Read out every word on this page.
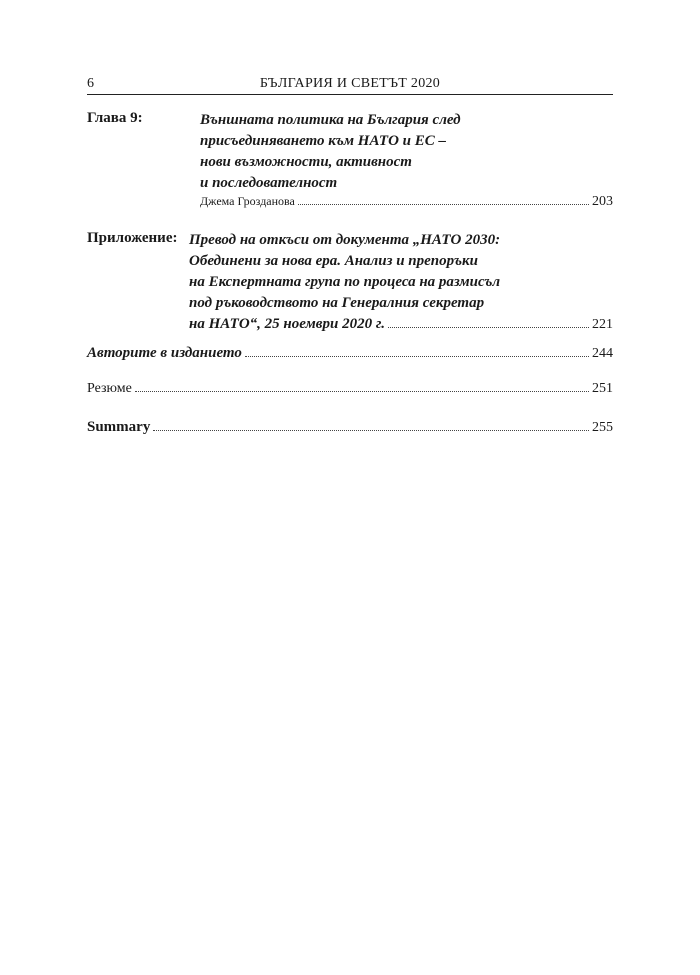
6	БЪЛГАРИЯ И СВЕТЪТ 2020
Глава 9:	Външната политика на България след
присъединяването към НАТО и ЕС –
нови възможности, активност
и последователност
Джема Грозданова	203
Приложение: Превод на откъси от документа „НАТО 2030:
Обединени за нова ера. Анализ и препоръки
на Експертната група по процеса на размисъл
под ръководството на Генералния секретар
на НАТО“, 25 ноември 2020 г.	221
Авторите в изданието	244
Резюме	251
Summary	255
